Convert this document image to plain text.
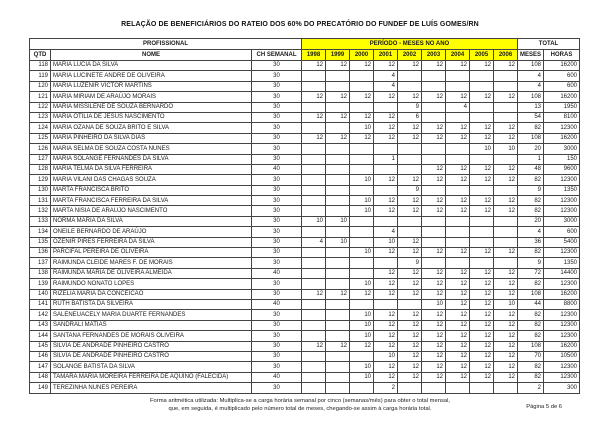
RELAÇÃO DE BENEFICIÁRIOS DO RATEIO DOS 60% DO PRECATÓRIO DO FUNDEF DE LUÍS GOMES/RN
PROFISSIONAL			PERÍODO - MESES NO ANO									TOTAL	
QTD	NOME	CH SEMANAL	1998	1999	2000	2001	2002	2003	2004	2005	2006	MESES	HORAS
118	MARIA LÚCIA DA SILVA	30	12	12	12	12	12	12	12	12	12	108	16200
119	MARIA LUCINETE ANDRE DE OLIVEIRA	30				4						4	600
120	MARIA LUZENIR VICTOR MARTINS	30				4						4	600
121	MARIA MIRIAM DE ARAÚJO MORAIS	30	12	12	12	12	12	12	12	12	12	108	16200
122	MARIA MISSILENE DE SOUZA BERNARDO	30					9		4			13	1950
123	MARIA OTILIA DE JESUS NASCIMENTO	30	12	12	12	12	6					54	8100
124	MARIA OZANA DE SOUZA BRITO E SILVA	30			10	12	12	12	12	12	12	82	12300
125	MARIA PINHEIRO DA SILVA DIAS	30	12	12	12	12	12	12	12	12	12	108	16200
126	MARIA SELMA DE SOUZA COSTA NUNES	30								10	10	20	3000
127	MARIA SOLANGE FERNANDES DA SILVA	30				1						1	150
128	MARIA TELMA DA SILVA FERREIRA	40						12	12	12	12	48	9600
129	MARIA VILANI DAS CHAGAS SOUZA	30			10	12	12	12	12	12	12	82	12300
130	MARTA FRANCISCA BRITO	30					9					9	1350
131	MARTA FRANCISCA FERREIRA DA SILVA	30			10	12	12	12	12	12	12	82	12300
132	MARTA NISIA DE ARAUJO NASCIMENTO	30			10	12	12	12	12	12	12	82	12300
133	NORMA MARIA DA SILVA	30	10	10								20	3000
134	ONEILE BERNARDO DE ARAÚJO	30				4						4	600
135	OZENIR PIRES FERREIRA DA SILVA	30	4	10		10	12					36	5400
136	PARCIFAL PEREIRA DE OLIVEIRA	30			10	12	12	12	12	12	12	82	12300
137	RAIMUNDA CLEIDE MARES F. DE MORAIS	30					9					9	1350
138	RAIMUNDA MARIA DE OLIVEIRA ALMEIDA	40				12	12	12	12	12	12	72	14400
139	RAIMUNDO NONATO LOPES	30			10	12	12	12	12	12	12	82	12300
140	RIZELIA MARIA DA CONCEICAO	30	12	12	12	12	12	12	12	12	12	108	16200
141	RUTH BATISTA DA SILVEIRA	40						10	12	12	10	44	8800
142	SALENEUACELY MARIA DUARTE FERNANDES	30			10	12	12	12	12	12	12	82	12300
143	SANDRALI MATIAS	30			10	12	12	12	12	12	12	82	12300
144	SANTANA FERNANDES DE MORAIS OLIVEIRA	30			10	12	12	12	12	12	12	82	12300
145	SILVIA DE ANDRADE PINHEIRO CASTRO	30	12	12	12	12	12	12	12	12	12	108	16200
146	SILVIA DE ANDRADE PINHEIRO CASTRO	30				10	12	12	12	12	12	70	10500
147	SOLANGE BATISTA DA SILVA	30			10	12	12	12	12	12	12	82	12300
148	TAMARA MARIA MOREIRA FERREIRA DE AQUINO (FALECIDA)	40			10	12	12	12	12	12	12	82	12300
149	TEREZINHA NUNES PEREIRA	30				2						2	300
Forma aritmética utilizada: Multiplica-se a carga horária semanal por cinco (semanas/mês) para obter o total mensal,
que, em seguida, é multiplicado pelo número total de meses, chegando-se assim à carga horária total.	Página 5 de 6
